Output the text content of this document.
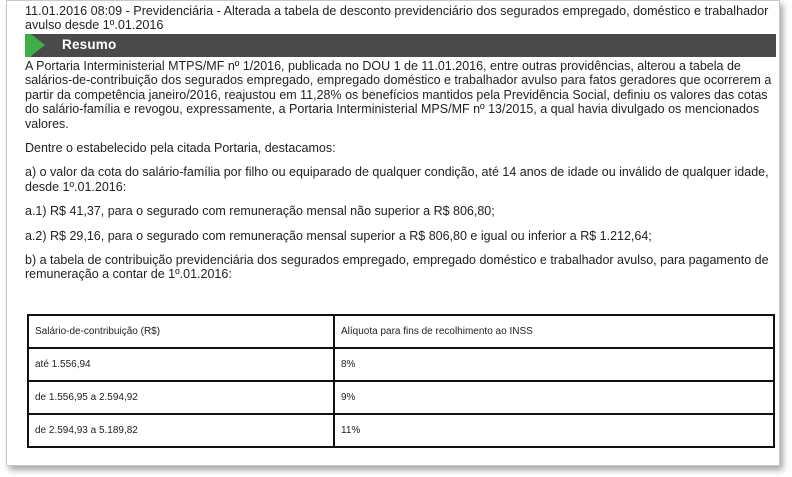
11.01.2016 08:09 - Previdenciária - Alterada a tabela de desconto previdenciário dos segurados empregado, doméstico e trabalhador avulso desde 1º.01.2016

Resumo

A Portaria Interministerial MTPS/MF nº 1/2016, publicada no DOU 1 de 11.01.2016, entre outras providências, alterou a tabela de salários-de-contribuição dos segurados empregado, empregado doméstico e trabalhador avulso para fatos geradores que ocorrerem a partir da competência janeiro/2016, reajustou em 11,28% os benefícios mantidos pela Previdência Social, definiu os valores das cotas do salário-família e revogou, expressamente, a Portaria Interministerial MPS/MF nº 13/2015, a qual havia divulgado os mencionados valores.

Dentre o estabelecido pela citada Portaria, destacamos:

a) o valor da cota do salário-família por filho ou equiparado de qualquer condição, até 14 anos de idade ou inválido de qualquer idade, desde 1º.01.2016:

a.1) R$ 41,37, para o segurado com remuneração mensal não superior a R$ 806,80;

a.2) R$ 29,16, para o segurado com remuneração mensal superior a R$ 806,80 e igual ou inferior a R$ 1.212,64;

b) a tabela de contribuição previdenciária dos segurados empregado, empregado doméstico e trabalhador avulso, para pagamento de remuneração a contar de 1º.01.2016:

Salário-de-contribuição (R$)	Alíquota para fins de recolhimento ao INSS
até 1.556,94	8%
de 1.556,95 a 2.594,92	9%
de 2.594,93 a 5.189,82	11%
